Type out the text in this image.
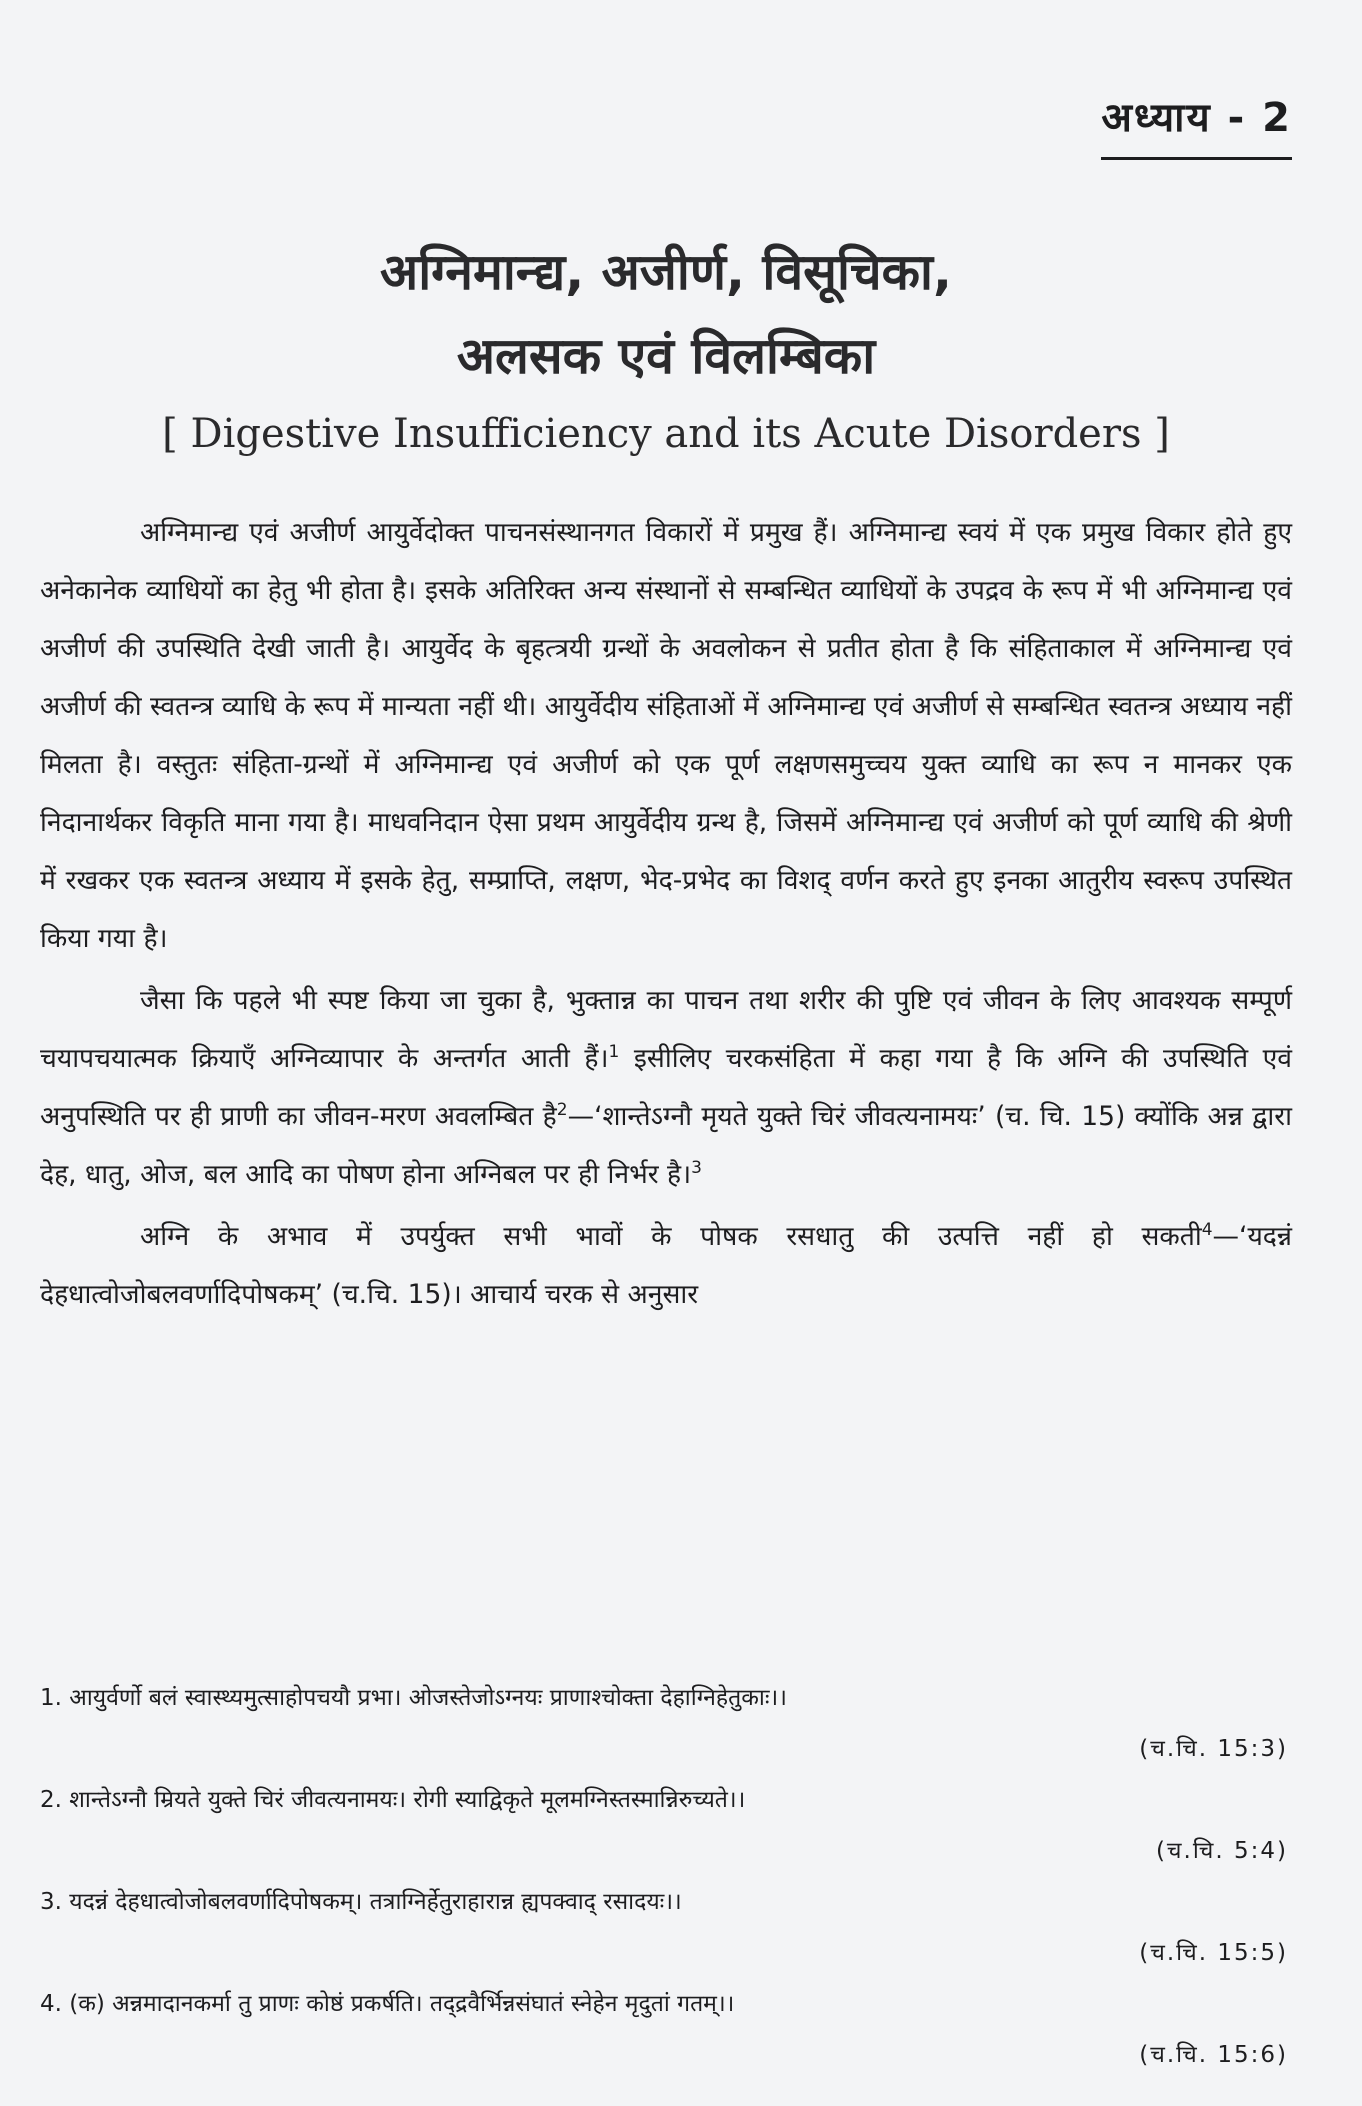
अध्याय - 2
अग्निमान्द्य, अजीर्ण, विसूचिका,
अलसक एवं विलम्बिका
[ Digestive Insufficiency and its Acute Disorders ]

अग्निमान्द्य एवं अजीर्ण आयुर्वेदोक्त पाचनसंस्थानगत विकारों में प्रमुख हैं। अग्निमान्द्य स्वयं में एक प्रमुख विकार होते हुए अनेकानेक व्याधियों का हेतु भी होता है। इसके अतिरिक्त अन्य संस्थानों से सम्बन्धित व्याधियों के उपद्रव के रूप में भी अग्निमान्द्य एवं अजीर्ण की उपस्थिति देखी जाती है। आयुर्वेद के बृहत्त्रयी ग्रन्थों के अवलोकन से प्रतीत होता है कि संहिताकाल में अग्निमान्द्य एवं अजीर्ण की स्वतन्त्र व्याधि के रूप में मान्यता नहीं थी। आयुर्वेदीय संहिताओं में अग्निमान्द्य एवं अजीर्ण से सम्बन्धित स्वतन्त्र अध्याय नहीं मिलता है। वस्तुतः संहिता-ग्रन्थों में अग्निमान्द्य एवं अजीर्ण को एक पूर्ण लक्षणसमुच्चय युक्त व्याधि का रूप न मानकर एक निदानार्थकर विकृति माना गया है। माधवनिदान ऐसा प्रथम आयुर्वेदीय ग्रन्थ है, जिसमें अग्निमान्द्य एवं अजीर्ण को पूर्ण व्याधि की श्रेणी में रखकर एक स्वतन्त्र अध्याय में इसके हेतु, सम्प्राप्ति, लक्षण, भेद-प्रभेद का विशद् वर्णन करते हुए इनका आतुरीय स्वरूप उपस्थित किया गया है।

जैसा कि पहले भी स्पष्ट किया जा चुका है, भुक्तान्न का पाचन तथा शरीर की पुष्टि एवं जीवन के लिए आवश्यक सम्पूर्ण चयापचयात्मक क्रियाएँ अग्निव्यापार के अन्तर्गत आती हैं।$^1$ इसीलिए चरकसंहिता में कहा गया है कि अग्नि की उपस्थिति एवं अनुपस्थिति पर ही प्राणी का जीवन-मरण अवलम्बित है$^2$—‘शान्तेऽग्नौ मृयते युक्ते चिरं जीवत्यनामयः’ (च. चि. 15) क्योंकि अन्न द्वारा देह, धातु, ओज, बल आदि का पोषण होना अग्निबल पर ही निर्भर है।$^3$

अग्नि के अभाव में उपर्युक्त सभी भावों के पोषक रसधातु की उत्पत्ति नहीं हो सकती$^4$—‘यदन्नं देहधात्वोजोबलवर्णादिपोषकम्’ (च.चि. 15)। आचार्य चरक से अनुसार

1. आयुर्वर्णो बलं स्वास्थ्यमुत्साहोपचयौ प्रभा। ओजस्तेजोऽग्नयः प्राणाश्चोक्ता देहाग्निहेतुकाः।।
(च.चि. 15:3)
2. शान्तेऽग्नौ म्रियते युक्ते चिरं जीवत्यनामयः। रोगी स्याद्विकृते मूलमग्निस्तस्मान्निरुच्यते।।
(च.चि. 5:4)
3. यदन्नं देहधात्वोजोबलवर्णादिपोषकम्। तत्राग्निर्हेतुराहारान्न ह्यपक्वाद् रसादयः।।
(च.चि. 15:5)
4. (क) अन्नमादानकर्मा तु प्राणः कोष्ठं प्रकर्षति। तद्द्रवैर्भिन्नसंघातं स्नेहेन मृदुतां गतम्।।
(च.चि. 15:6)
